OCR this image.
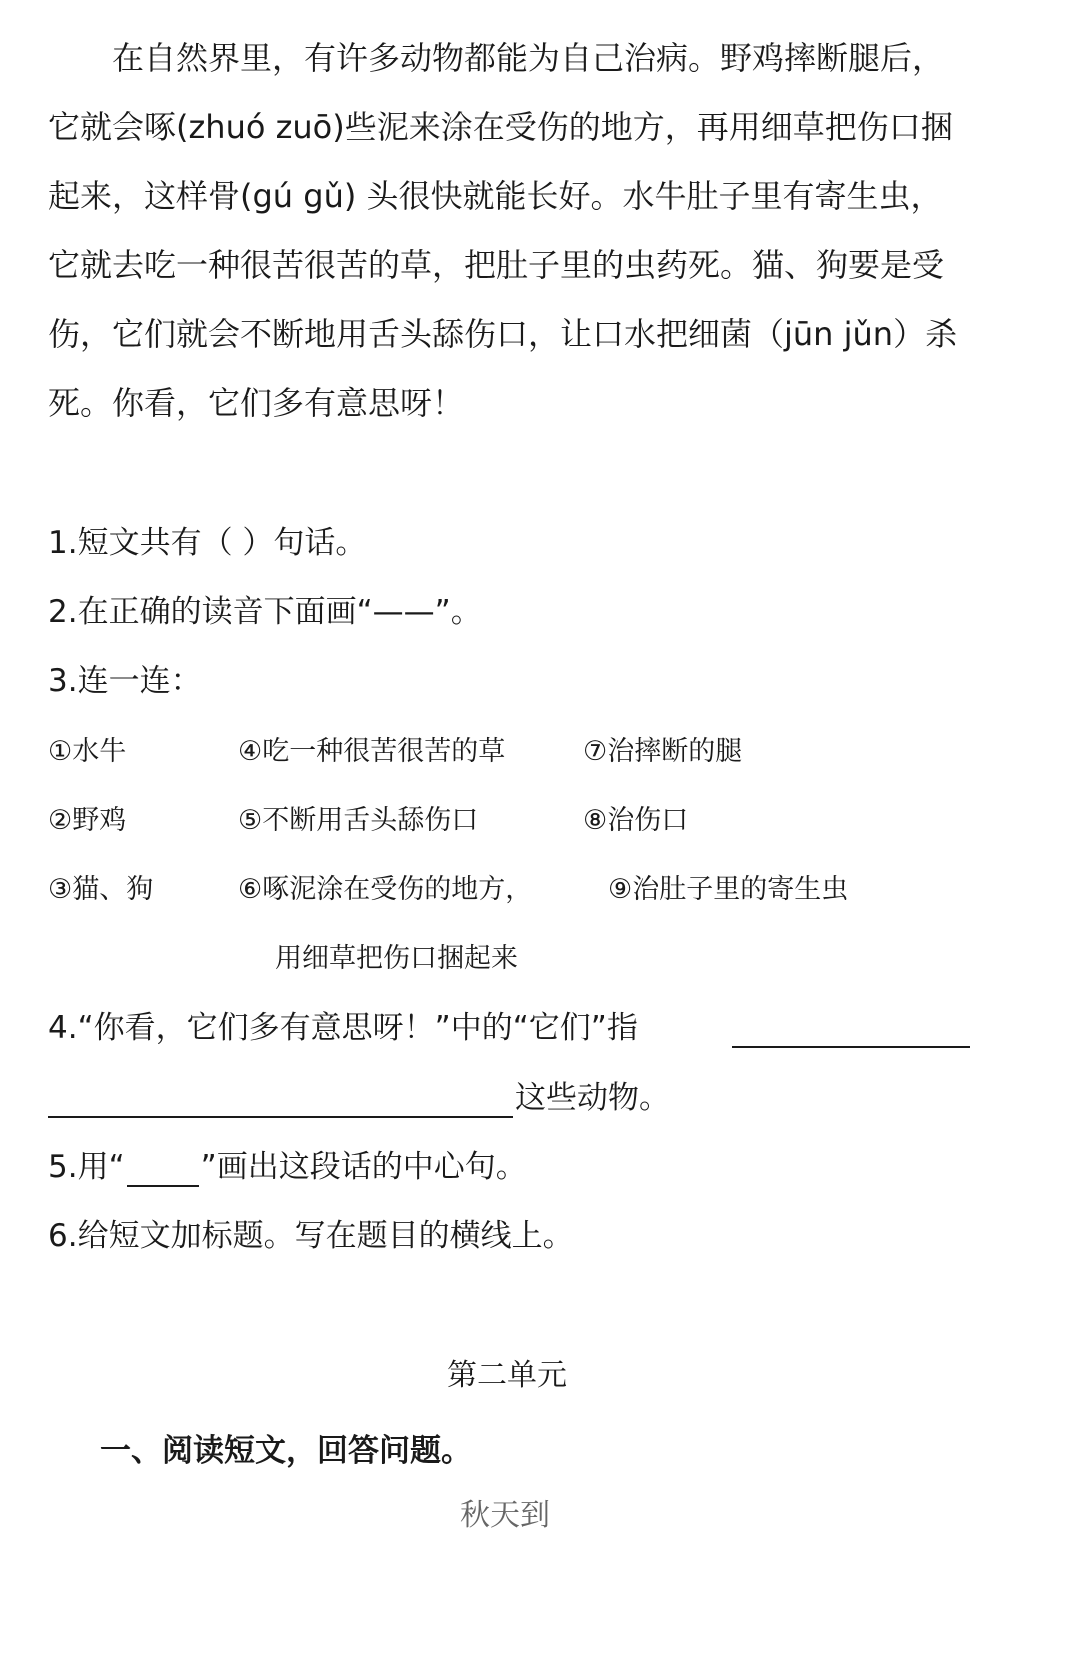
在自然界里，有许多动物都能为自己治病。野鸡摔断腿后，
它就会啄(zhuó zuō)些泥来涂在受伤的地方，再用细草把伤口捆
起来，这样骨(gú gǔ) 头很快就能长好。水牛肚子里有寄生虫，
它就去吃一种很苦很苦的草，把肚子里的虫药死。猫、狗要是受
伤，它们就会不断地用舌头舔伤口，让口水把细菌（jūn jǔn）杀
死。你看，它们多有意思呀！
1.短文共有（ ）句话。
2.在正确的读音下面画“——”。
3.连一连：
①水牛
②野鸡
③猫、狗
④吃一种很苦很苦的草
⑤不断用舌头舔伤口
⑥啄泥涂在受伤的地方，
用细草把伤口捆起来
⑦治摔断的腿
⑧治伤口
⑨治肚子里的寄生虫
4.“你看，它们多有意思呀！”中的“它们”指
这些动物。
5.用“ ”画出这段话的中心句。
6.给短文加标题。写在题目的横线上。
第二单元
一、阅读短文，回答问题。
秋天到
